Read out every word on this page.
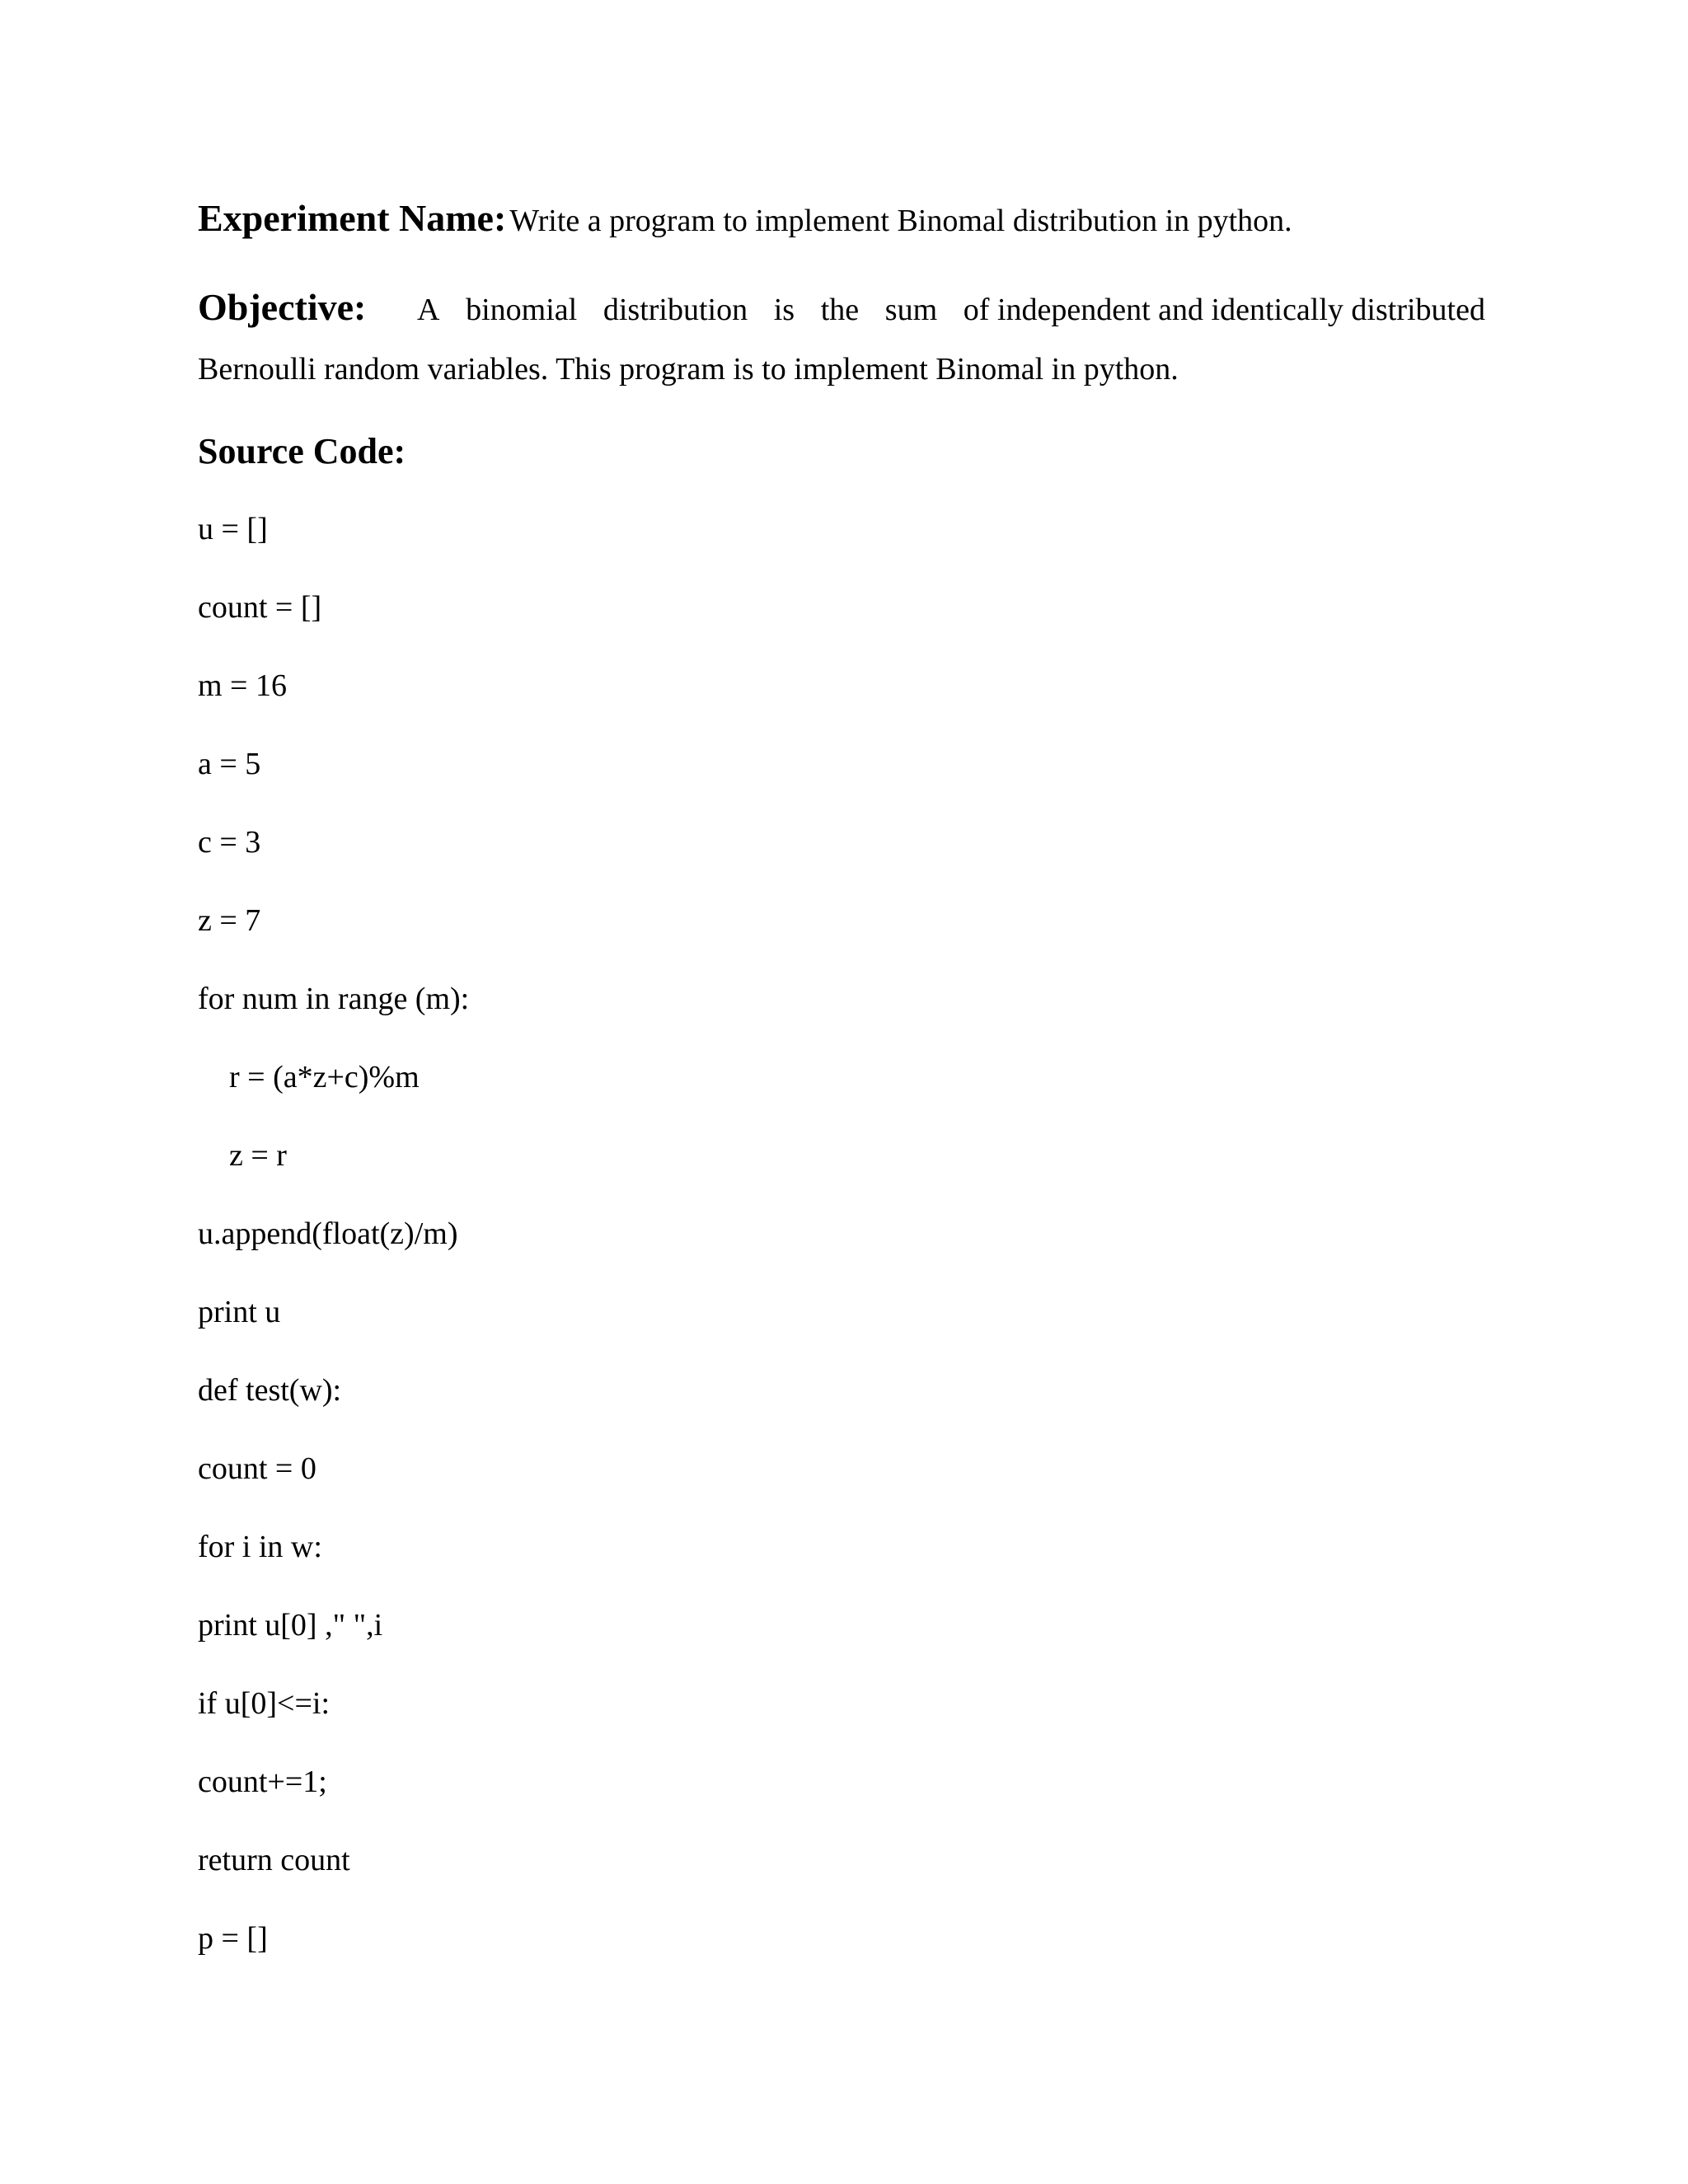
Experiment Name: Write a program to implement Binomal distribution in python.
Objective: A binomial distribution is the sum of independent and identically distributed
Bernoulli random variables. This program is to implement Binomal in python.
Source Code:
u = []
count = []
m = 16
a = 5
c = 3
z = 7
for num in range (m):
r = (a*z+c)%m
z = r
u.append(float(z)/m)
print u
def test(w):
count = 0
for i in w:
print u[0] ," ",i
if u[0]<=i:
count+=1;
return count
p = []
